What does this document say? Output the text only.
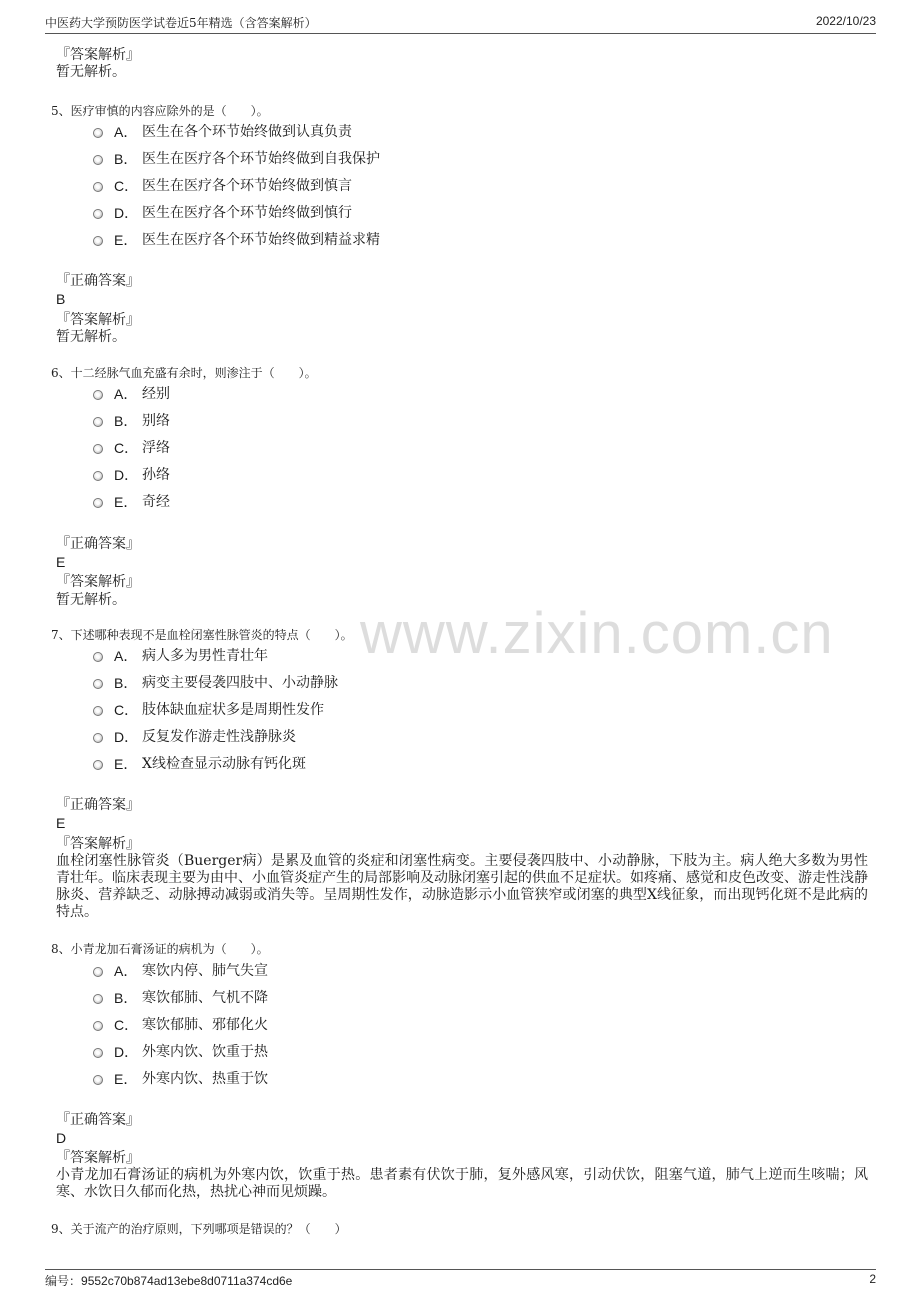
中医药大学预防医学试卷近5年精选（含答案解析）	2022/10/23
www.zixin.com.cn
『答案解析』
暂无解析。
5、医疗审慎的内容应除外的是（　　）。
A． 医生在各个环节始终做到认真负责
B． 医生在医疗各个环节始终做到自我保护
C． 医生在医疗各个环节始终做到慎言
D． 医生在医疗各个环节始终做到慎行
E． 医生在医疗各个环节始终做到精益求精
『正确答案』
B
『答案解析』
暂无解析。
6、十二经脉气血充盛有余时，则渗注于（　　）。
A． 经别
B． 别络
C． 浮络
D． 孙络
E． 奇经
『正确答案』
E
『答案解析』
暂无解析。
7、下述哪种表现不是血栓闭塞性脉管炎的特点（　　）。
A． 病人多为男性青壮年
B． 病变主要侵袭四肢中、小动静脉
C． 肢体缺血症状多是周期性发作
D． 反复发作游走性浅静脉炎
E． X线检查显示动脉有钙化斑
『正确答案』
E
『答案解析』
血栓闭塞性脉管炎（Buerger病）是累及血管的炎症和闭塞性病变。主要侵袭四肢中、小动静脉，下肢为主。病人绝大多数为男性青壮年。临床表现主要为由中、小血管炎症产生的局部影响及动脉闭塞引起的供血不足症状。如疼痛、感觉和皮色改变、游走性浅静脉炎、营养缺乏、动脉搏动减弱或消失等。呈周期性发作，动脉造影示小血管狭窄或闭塞的典型X线征象，而出现钙化斑不是此病的特点。
8、小青龙加石膏汤证的病机为（　　）。
A． 寒饮内停、肺气失宣
B． 寒饮郁肺、气机不降
C． 寒饮郁肺、邪郁化火
D． 外寒内饮、饮重于热
E． 外寒内饮、热重于饮
『正确答案』
D
『答案解析』
小青龙加石膏汤证的病机为外寒内饮，饮重于热。患者素有伏饮于肺，复外感风寒，引动伏饮，阻塞气道，肺气上逆而生咳喘；风寒、水饮日久郁而化热，热扰心神而见烦躁。
9、关于流产的治疗原则，下列哪项是错误的？（　　）
编号：9552c70b874ad13ebe8d0711a374cd6e	2
